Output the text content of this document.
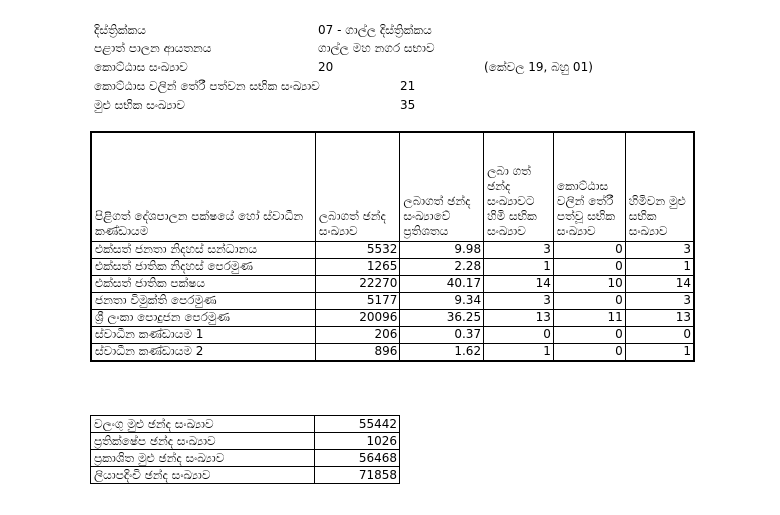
දිස්ත්‍රික්කය	07 - ගාල්ල දිස්ත්‍රික්කය
පළාත් පාලන ආයතනය	ගාල්ල මහ නගර සභාව
කොට්ඨාස සංඛ්‍යාව	20	(කේවල 19, බහු 01)
කොට්ඨාස වලින් තේරී පත්වන සභික සංඛ්‍යාව	21
මුළු සභික සංඛ්‍යාව	35
පිළිගත් දේශපාලන පක්ෂයේ හෝ ස්වාධීන කණ්ඩායම	ලබාගත් ඡන්ද සංඛ්‍යාව	ලබාගත් ඡන්ද සංඛ්‍යාවේ ප්‍රතිශතය	ලබා ගත් ඡන්ද සංඛ්‍යාවට හිමි සභික සංඛ්‍යාව	කොට්ඨාස වලින් තේරී පත්වූ සභික සංඛ්‍යාව	හිමිවන මුළු සභික සංඛ්‍යාව
එක්සත් ජනතා නිදහස් සන්ධානය	5532	9.98	3	0	3
එක්සත් ජාතික නිදහස් පෙරමුණ	1265	2.28	1	0	1
එක්සත් ජාතික පක්ෂය	22270	40.17	14	10	14
ජනතා විමුක්ති පෙරමුණ	5177	9.34	3	0	3
ශ්‍රී ලංකා පොදුජන පෙරමුණ	20096	36.25	13	11	13
ස්වාධීන කණ්ඩායම 1	206	0.37	0	0	0
ස්වාධීන කණ්ඩායම 2	896	1.62	1	0	1
වලංගු මුළු ඡන්ද සංඛ්‍යාව	55442
ප්‍රතික්ෂේප ඡන්ද සංඛ්‍යාව	1026
ප්‍රකාශිත මුළු ඡන්ද සංඛ්‍යාව	56468
ලියාපදිංචි ඡන්ද සංඛ්‍යාව	71858
